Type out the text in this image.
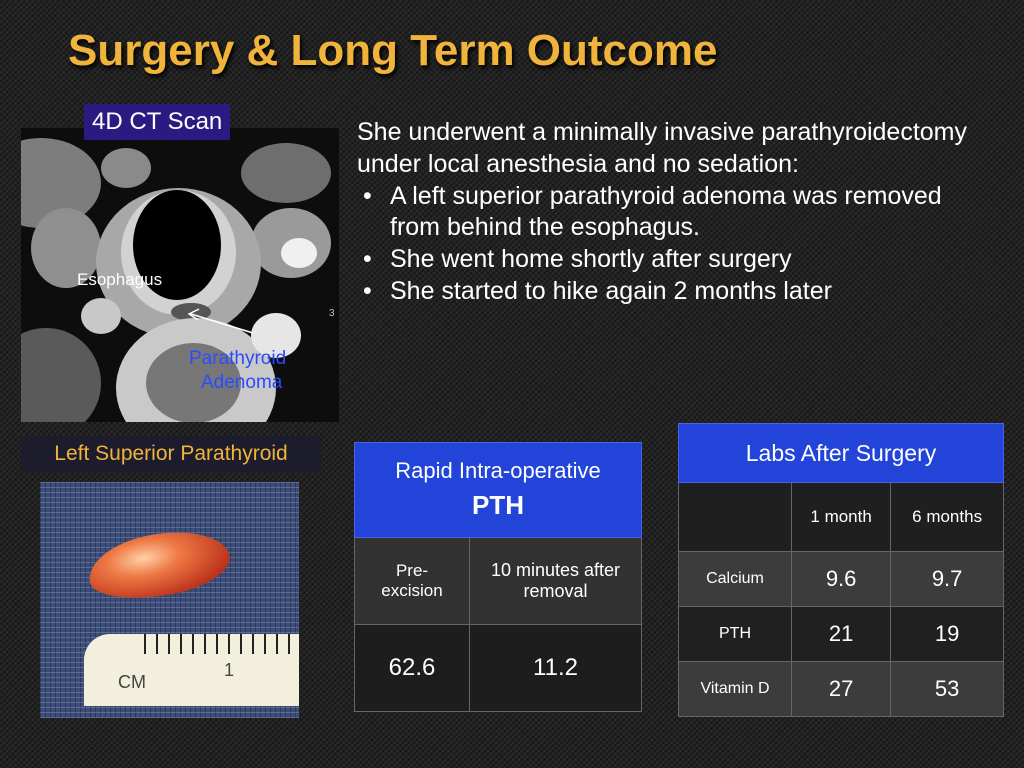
Surgery & Long Term Outcome
Esophagus
3
Parathyroid
Adenoma
4D CT Scan
Left Superior Parathyroid
CM
1

She underwent a minimally invasive parathyroidectomy under local anesthesia and no sedation:

• A left superior parathyroid adenoma was removed from behind the esophagus.
• She went home shortly after surgery
• She started to hike again 2 months later
Rapid Intra-operative
PTH	
Pre-excision	10 minutes after removal
62.6	11.2
Labs After Surgery		
	1 month	6 months
Calcium	9.6	9.7
PTH	21	19
Vitamin D	27	53
